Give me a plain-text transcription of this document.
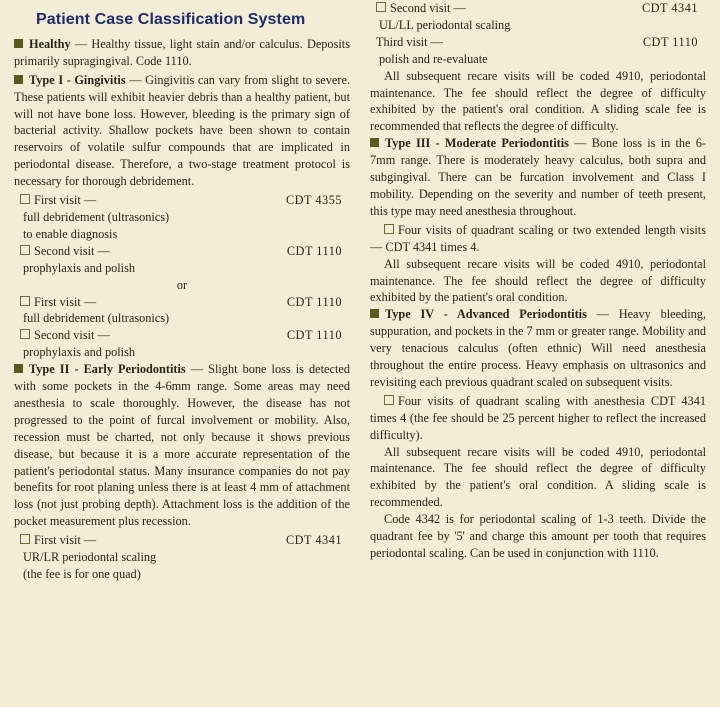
Patient Case Classification System

Healthy — Healthy tissue, light stain and/or calculus. Deposits primarily supragingival. Code 1110.

Type I - Gingivitis — Gingivitis can vary from slight to severe. These patients will exhibit heavier debris than a healthy patient, but will not have bone loss. However, bleeding is the primary sign of bacterial activity. Shallow pockets have been shown to contain reservoirs of volatile sulfur compounds that are implicated in periodontal disease. Therefore, a two-stage treatment protocol is necessary for thorough debridement.

First visit —	CDT 4355
full debridement (ultrasonics)
to enable diagnosis
Second visit —	CDT 1110
prophylaxis and polish
or
First visit —	CDT 1110
full debridement (ultrasonics)
Second visit —	CDT 1110
prophylaxis and polish

Type II - Early Periodontitis — Slight bone loss is detected with some pockets in the 4-6mm range. Some areas may need anesthesia to scale thoroughly. However, the disease has not progressed to the point of furcal involvement or mobility. Also, recession must be charted, not only because it shows previous disease, but because it is a more accurate representation of the patient's periodontal status. Many insurance companies do not pay benefits for root planing unless there is at least 4 mm of attachment loss (not just probing depth). Attachment loss is the addition of the pocket measurement plus recession.

First visit —	CDT 4341
UR/LR periodontal scaling
(the fee is for one quad)
Second visit —	CDT 4341
UL/LL periodontal scaling
Third visit —	CDT 1110
polish and re-evaluate

All subsequent recare visits will be coded 4910, periodontal maintenance. The fee should reflect the degree of difficulty exhibited by the patient's oral condition. A sliding scale fee is recommended that reflects the degree of difficulty.

Type III - Moderate Periodontitis — Bone loss is in the 6-7mm range. There is moderately heavy calculus, both supra and subgingival. There can be furcation involvement and Class I mobility. Depending on the severity and number of teeth present, this type may need anesthesia throughout.

Four visits of quadrant scaling or two extended length visits — CDT 4341 times 4.

All subsequent recare visits will be coded 4910, periodontal maintenance. The fee should reflect the degree of difficulty exhibited by the patient's oral condition.

Type IV - Advanced Periodontitis — Heavy bleeding, suppuration, and pockets in the 7 mm or greater range. Mobility and very tenacious calculus (often ethnic) Will need anesthesia throughout the entire process. Heavy emphasis on ultrasonics and revisiting each previous quadrant scaled on subsequent visits.

Four visits of quadrant scaling with anesthesia CDT 4341 times 4 (the fee should be 25 percent higher to reflect the increased difficulty).

All subsequent recare visits will be coded 4910, periodontal maintenance. The fee should reflect the degree of difficulty exhibited by the patient's oral condition. A sliding scale is recommended.

Code 4342 is for periodontal scaling of 1-3 teeth. Divide the quadrant fee by '5' and charge this amount per tooth that requires periodontal scaling. Can be used in conjunction with 1110.
